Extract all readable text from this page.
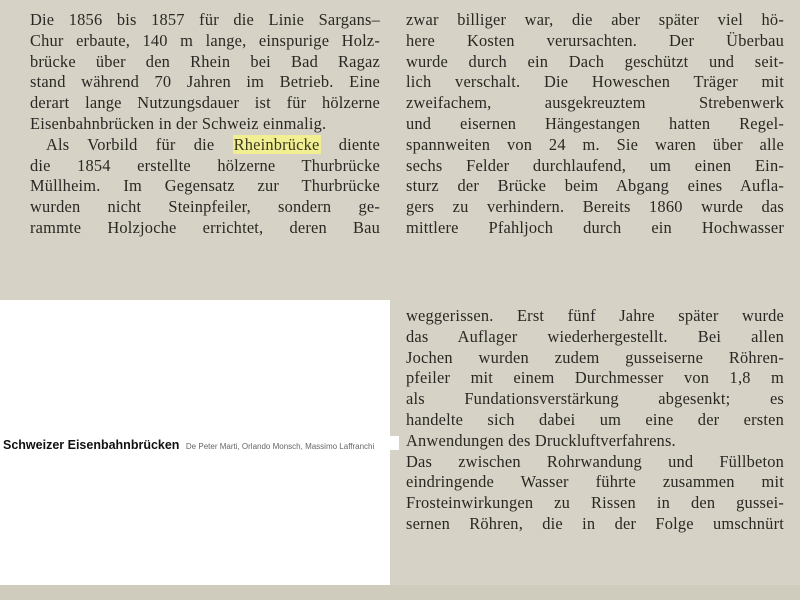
Die 1856 bis 1857 für die Linie Sargans–
Chur erbaute, 140 m lange, einspurige Holz-
brücke über den Rhein bei Bad Ragaz
stand während 70 Jahren im Betrieb. Eine
derart lange Nutzungsdauer ist für hölzerne
Eisenbahnbrücken in der Schweiz einmalig.
Als Vorbild für die Rheinbrücke diente
die 1854 erstellte hölzerne Thurbrücke
Müllheim. Im Gegensatz zur Thurbrücke
wurden nicht Steinpfeiler, sondern ge-
rammte Holzjoche errichtet, deren Bau
zwar billiger war, die aber später viel hö-
here Kosten verursachten. Der Überbau
wurde durch ein Dach geschützt und seit-
lich verschalt. Die Howeschen Träger mit
zweifachem, ausgekreuztem Strebenwerk
und eisernen Hängestangen hatten Regel-
spannweiten von 24 m. Sie waren über alle
sechs Felder durchlaufend, um einen Ein-
sturz der Brücke beim Abgang eines Aufla-
gers zu verhindern. Bereits 1860 wurde das
mittlere Pfahljoch durch ein Hochwasser
weggerissen. Erst fünf Jahre später wurde
das Auflager wiederhergestellt. Bei allen
Jochen wurden zudem gusseiserne Röhren-
pfeiler mit einem Durchmesser von 1,8 m
als Fundationsverstärkung abgesenkt; es
handelte sich dabei um eine der ersten
Anwendungen des Druckluftverfahrens.
Das zwischen Rohrwandung und Füllbeton
eindringende Wasser führte zusammen mit
Frosteinwirkungen zu Rissen in den gussei-
sernen Röhren, die in der Folge umschnürt
Schweizer Eisenbahnbrücken De Peter Marti, Orlando Monsch, Massimo Laffranchi
